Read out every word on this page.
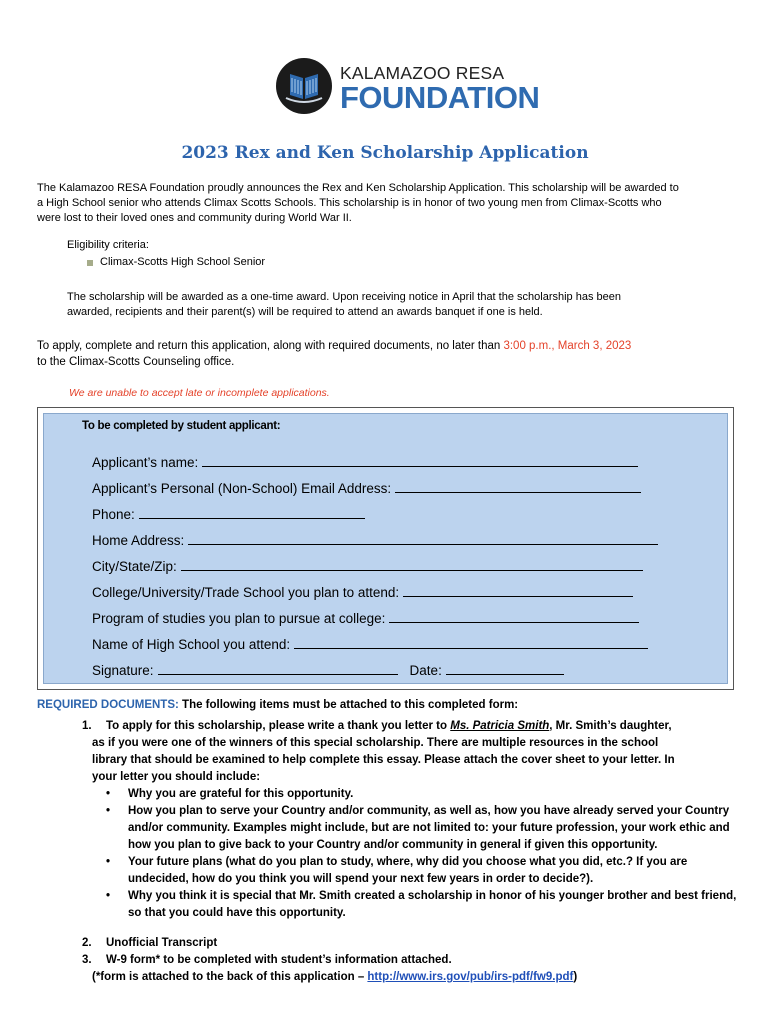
KALAMAZOO RESA
FOUNDATION
2023 Rex and Ken Scholarship Application
The Kalamazoo RESA Foundation proudly announces the Rex and Ken Scholarship Application. This scholarship will be awarded to
a High School senior who attends Climax Scotts Schools. This scholarship is in honor of two young men from Climax-Scotts who
were lost to their loved ones and community during World War II.
Eligibility criteria:
Climax-Scotts High School Senior
The scholarship will be awarded as a one-time award. Upon receiving notice in April that the scholarship has been
awarded, recipients and their parent(s) will be required to attend an awards banquet if one is held.
To apply, complete and return this application, along with required documents, no later than 3:00 p.m., March 3, 2023
to the Climax-Scotts Counseling office.
We are unable to accept late or incomplete applications.
To be completed by student applicant:
Applicant’s name:
Applicant’s Personal (Non-School) Email Address:
Phone:
Home Address:
City/State/Zip:
College/University/Trade School you plan to attend:
Program of studies you plan to pursue at college:
Name of High School you attend:
Signature:	Date:
REQUIRED DOCUMENTS: The following items must be attached to this completed form:
1. To apply for this scholarship, please write a thank you letter to Ms. Patricia Smith, Mr. Smith’s daughter,
as if you were one of the winners of this special scholarship. There are multiple resources in the school
library that should be examined to help complete this essay. Please attach the cover sheet to your letter. In
your letter you should include:
• Why you are grateful for this opportunity.
• How you plan to serve your Country and/or community, as well as, how you have already served your Country and/or community. Examples might include, but are not limited to: your future profession, your work ethic and how you plan to give back to your Country and/or community in general if given this opportunity.
• Your future plans (what do you plan to study, where, why did you choose what you did, etc.? If you are undecided, how do you think you will spend your next few years in order to decide?).
• Why you think it is special that Mr. Smith created a scholarship in honor of his younger brother and best friend, so that you could have this opportunity.
2. Unofficial Transcript
3. W-9 form* to be completed with student’s information attached.
(*form is attached to the back of this application – http://www.irs.gov/pub/irs-pdf/fw9.pdf)
